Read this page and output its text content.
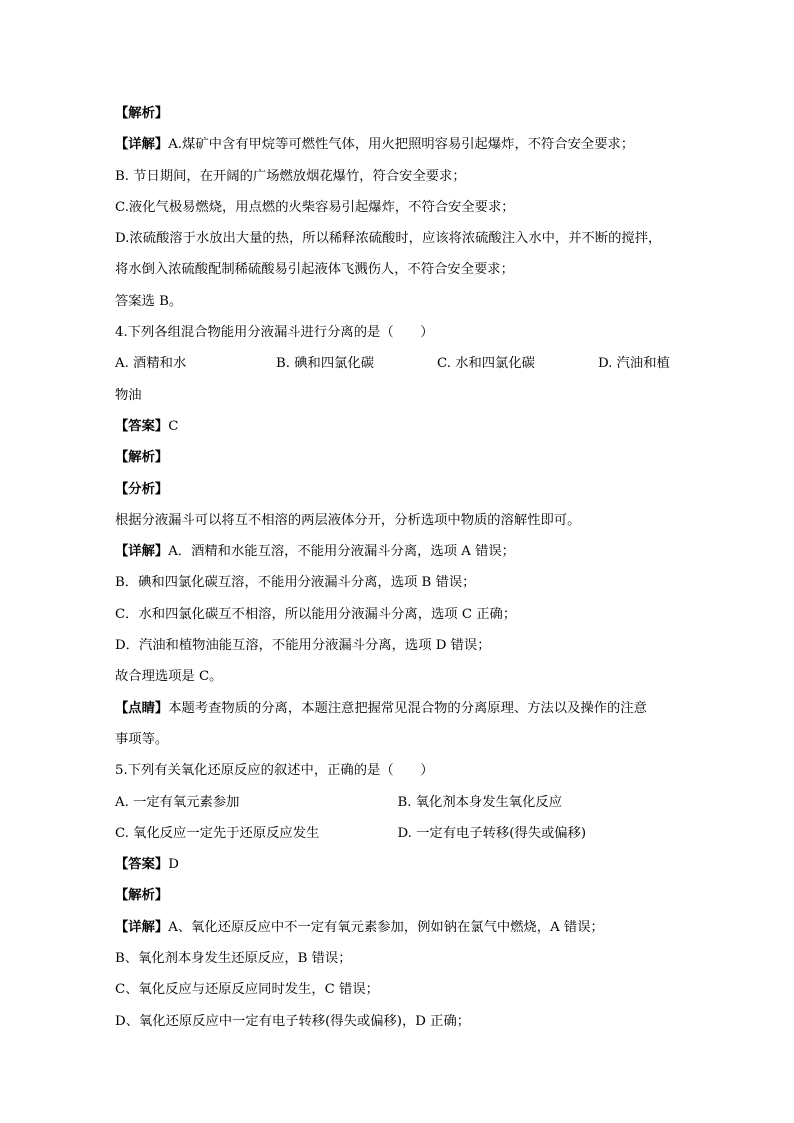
【解析】
【详解】A.煤矿中含有甲烷等可燃性气体，用火把照明容易引起爆炸，不符合安全要求；
B. 节日期间，在开阔的广场燃放烟花爆竹，符合安全要求；
C.液化气极易燃烧，用点燃的火柴容易引起爆炸，不符合安全要求；
D.浓硫酸溶于水放出大量的热，所以稀释浓硫酸时，应该将浓硫酸注入水中，并不断的搅拌，
将水倒入浓硫酸配制稀硫酸易引起液体飞溅伤人，不符合安全要求；
答案选 B。
4.下列各组混合物能用分液漏斗进行分离的是（　　）
A. 酒精和水	B. 碘和四氯化碳	C. 水和四氯化碳	D. 汽油和植
物油
【答案】C
【解析】
【分析】
根据分液漏斗可以将互不相溶的两层液体分开，分析选项中物质的溶解性即可。
【详解】A．酒精和水能互溶，不能用分液漏斗分离，选项 A 错误；
B．碘和四氯化碳互溶，不能用分液漏斗分离，选项 B 错误；
C．水和四氯化碳互不相溶，所以能用分液漏斗分离，选项 C 正确；
D．汽油和植物油能互溶，不能用分液漏斗分离，选项 D 错误；
故合理选项是 C。
【点睛】本题考查物质的分离，本题注意把握常见混合物的分离原理、方法以及操作的注意
事项等。
5.下列有关氧化还原反应的叙述中，正确的是（　　）
A. 一定有氧元素参加	B. 氧化剂本身发生氧化反应
C. 氧化反应一定先于还原反应发生	D. 一定有电子转移(得失或偏移)
【答案】D
【解析】
【详解】A、氧化还原反应中不一定有氧元素参加，例如钠在氯气中燃烧，A 错误；
B、氧化剂本身发生还原反应，B 错误；
C、氧化反应与还原反应同时发生，C 错误；
D、氧化还原反应中一定有电子转移(得失或偏移)，D 正确；
